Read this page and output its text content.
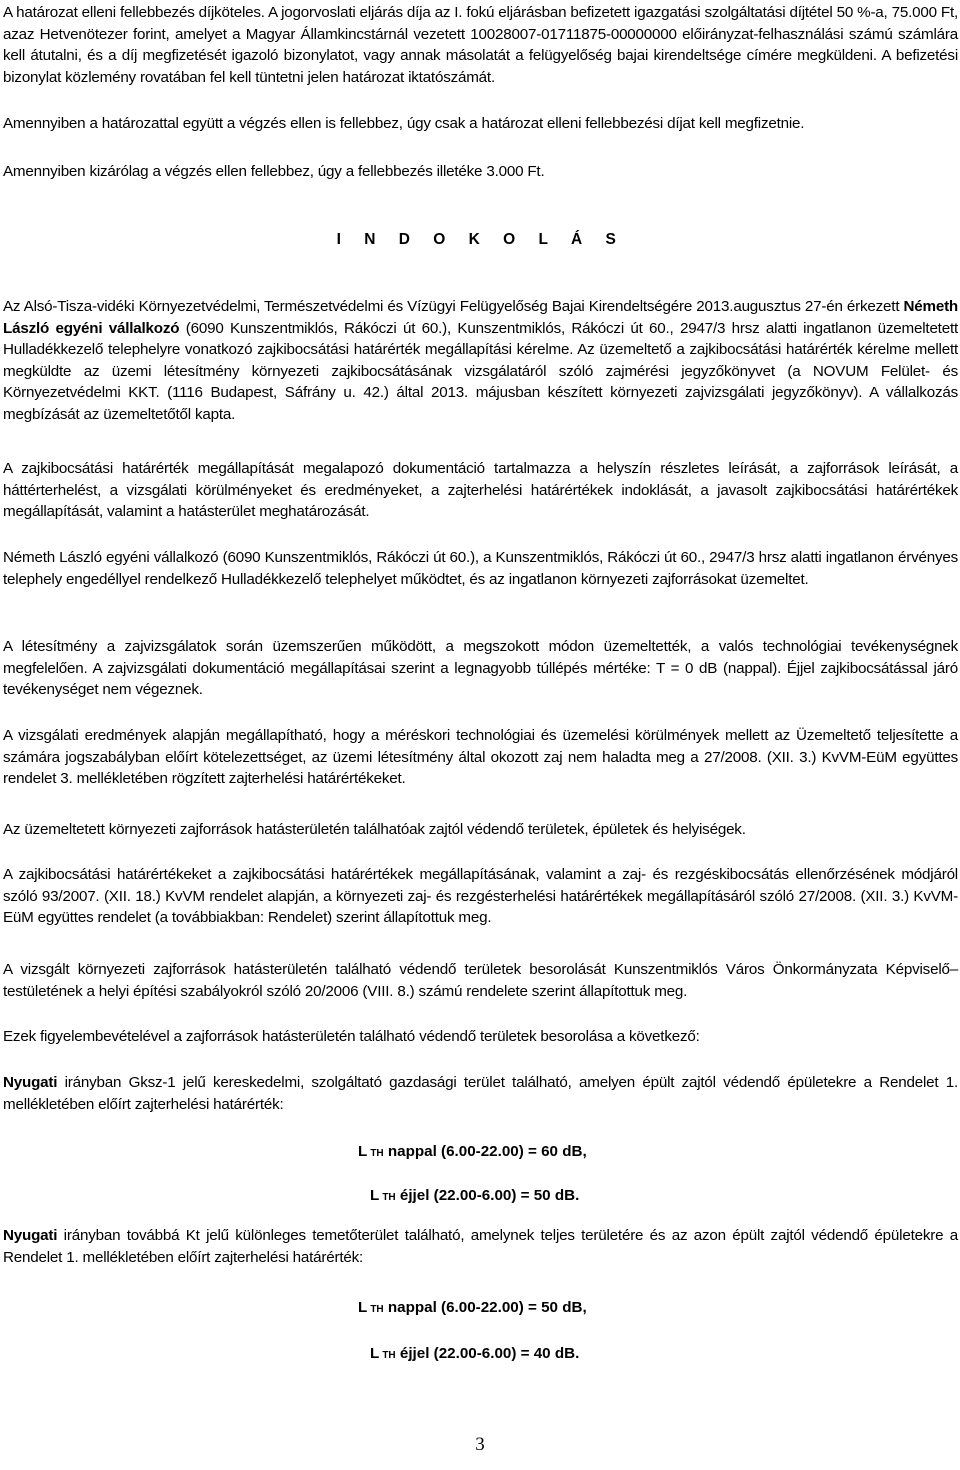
A határozat elleni fellebbezés díjköteles. A jogorvoslati eljárás díja az I. fokú eljárásban befizetett igazgatási szolgáltatási díjtétel 50 %-a, 75.000 Ft, azaz Hetvenötezer forint, amelyet a Magyar Államkincstárnál vezetett 10028007-01711875-00000000 előirányzat-felhasználási számú számlára kell átutalni, és a díj megfizetését igazoló bizonylatot, vagy annak másolatát a felügyelőség bajai kirendeltsége címére megküldeni. A befizetési bizonylat közlemény rovatában fel kell tüntetni jelen határozat iktatószámát.

Amennyiben a határozattal együtt a végzés ellen is fellebbez, úgy csak a határozat elleni fellebbezési díjat kell megfizetnie.

Amennyiben kizárólag a végzés ellen fellebbez, úgy a fellebbezés illetéke 3.000 Ft.

I N D O K O L Á S

Az Alsó-Tisza-vidéki Környezetvédelmi, Természetvédelmi és Vízügyi Felügyelőség Bajai Kirendeltségére 2013.augusztus 27-én érkezett Németh László egyéni vállalkozó (6090 Kunszentmiklós, Rákóczi út 60.), Kunszentmiklós, Rákóczi út 60., 2947/3 hrsz alatti ingatlanon üzemeltetett Hulladékkezelő telephelyre vonatkozó zajkibocsátási határérték megállapítási kérelme. Az üzemeltető a zajkibocsátási határérték kérelme mellett megküldte az üzemi létesítmény környezeti zajkibocsátásának vizsgálatáról szóló zajmérési jegyzőkönyvet (a NOVUM Felület- és Környezetvédelmi KKT. (1116 Budapest, Sáfrány u. 42.) által 2013. májusban készített környezeti zajvizsgálati jegyzőkönyv). A vállalkozás megbízását az üzemeltetőtől kapta.

A zajkibocsátási határérték megállapítását megalapozó dokumentáció tartalmazza a helyszín részletes leírását, a zajforrások leírását, a háttérterhelést, a vizsgálati körülményeket és eredményeket, a zajterhelési határértékek indoklását, a javasolt zajkibocsátási határértékek megállapítását, valamint a hatásterület meghatározását.

Németh László egyéni vállalkozó (6090 Kunszentmiklós, Rákóczi út 60.), a Kunszentmiklós, Rákóczi út 60., 2947/3 hrsz alatti ingatlanon érvényes telephely engedéllyel rendelkező Hulladékkezelő telephelyet működtet, és az ingatlanon környezeti zajforrásokat üzemeltet.

A létesítmény a zajvizsgálatok során üzemszerűen működött, a megszokott módon üzemeltették, a valós technológiai tevékenységnek megfelelően. A zajvizsgálati dokumentáció megállapításai szerint a legnagyobb túllépés mértéke: T = 0 dB (nappal). Éjjel zajkibocsátással járó tevékenységet nem végeznek.

A vizsgálati eredmények alapján megállapítható, hogy a méréskori technológiai és üzemelési körülmények mellett az Üzemeltető teljesítette a számára jogszabályban előírt kötelezettséget, az üzemi létesítmény által okozott zaj nem haladta meg a 27/2008. (XII. 3.) KvVM-EüM együttes rendelet 3. mellékletében rögzített zajterhelési határértékeket.

Az üzemeltetett környezeti zajforrások hatásterületén találhatóak zajtól védendő területek, épületek és helyiségek.

A zajkibocsátási határértékeket a zajkibocsátási határértékek megállapításának, valamint a zaj- és rezgéskibocsátás ellenőrzésének módjáról szóló 93/2007. (XII. 18.) KvVM rendelet alapján, a környezeti zaj- és rezgésterhelési határértékek megállapításáról szóló 27/2008. (XII. 3.) KvVM-EüM együttes rendelet (a továbbiakban: Rendelet) szerint állapítottuk meg.

A vizsgált környezeti zajforrások hatásterületén található védendő területek besorolását Kunszentmiklós Város Önkormányzata Képviselő–testületének a helyi építési szabályokról szóló 20/2006 (VIII. 8.) számú rendelete szerint állapítottuk meg.

Ezek figyelembevételével a zajforrások hatásterületén található védendő területek besorolása a következő:

Nyugati irányban Gksz-1 jelű kereskedelmi, szolgáltató gazdasági terület található, amelyen épült zajtól védendő épületekre a Rendelet 1. mellékletében előírt zajterhelési határérték:

L  TH nappal (6.00-22.00) = 60 dB,

L  TH éjjel (22.00-6.00) = 50 dB.

Nyugati irányban továbbá Kt jelű különleges temetőterület található, amelynek teljes területére és az azon épült zajtól védendő épületekre a Rendelet 1. mellékletében előírt zajterhelési határérték:

L  TH nappal (6.00-22.00) = 50 dB,

L  TH éjjel (22.00-6.00) = 40 dB.

3
